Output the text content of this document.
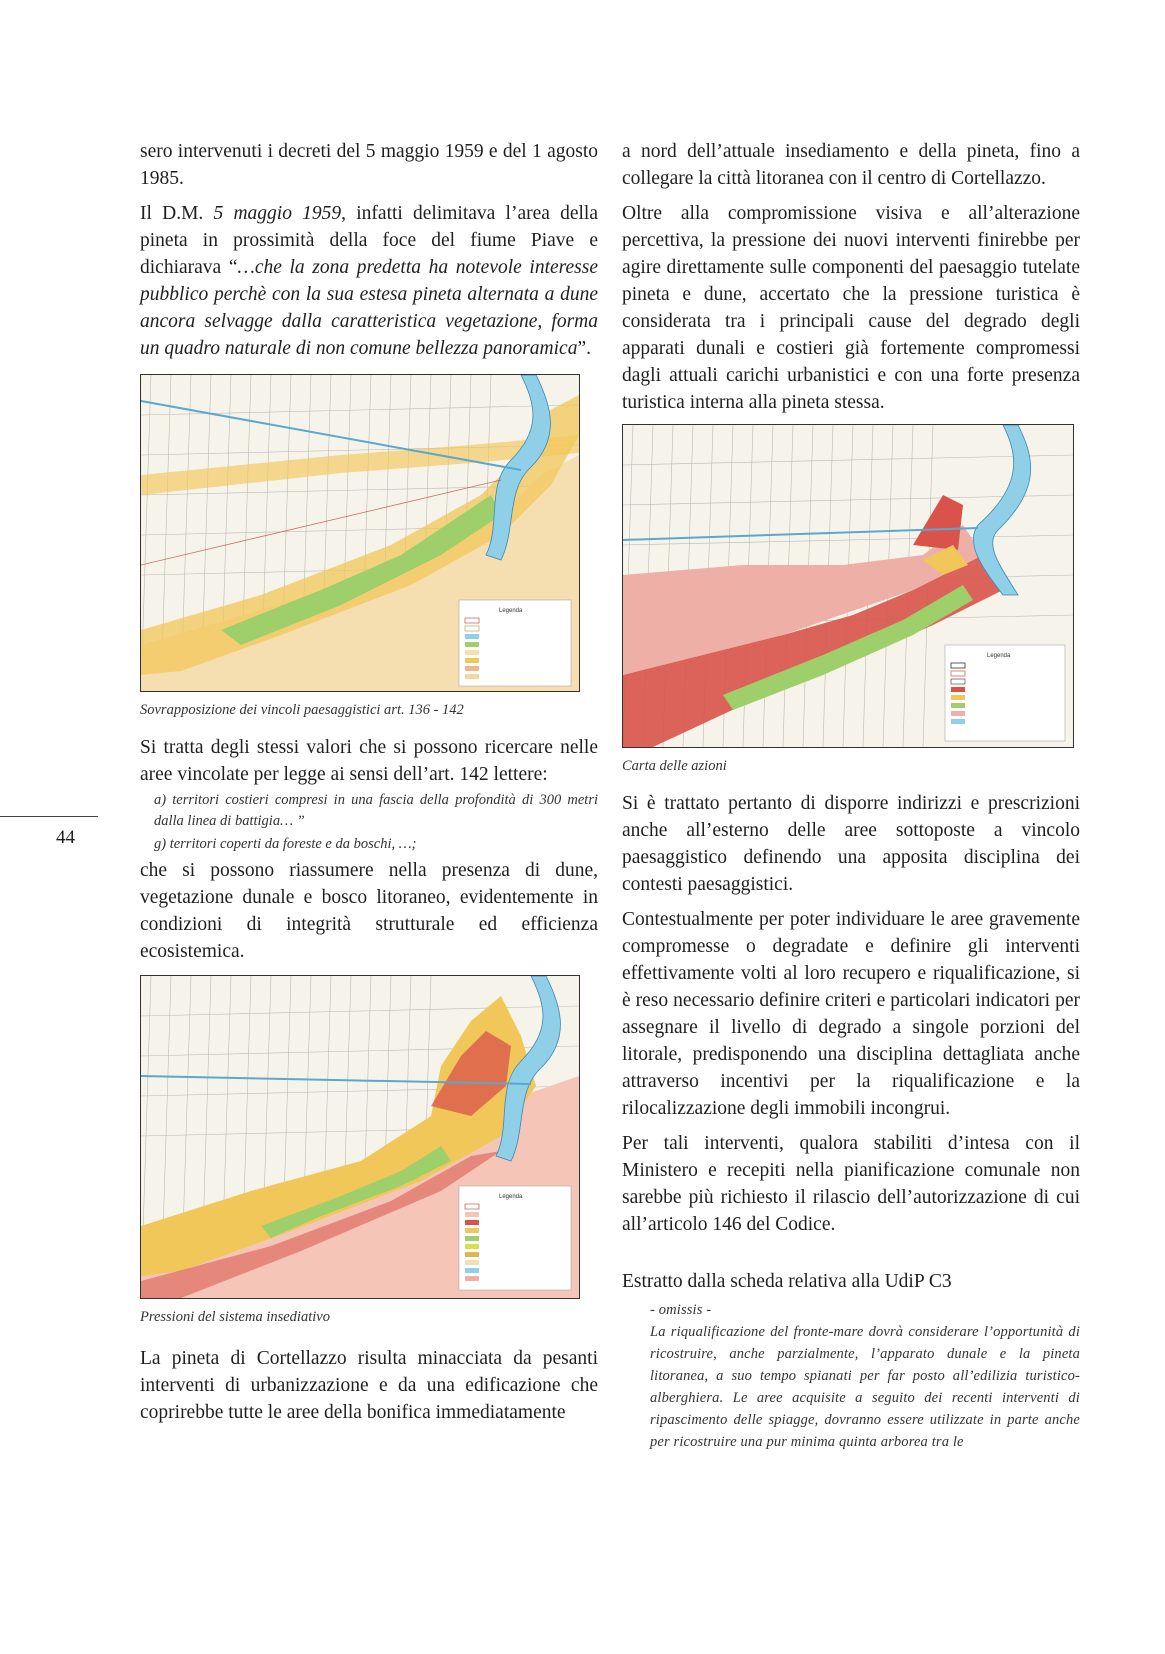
44

sero intervenuti i decreti del 5 maggio 1959 e del 1 agosto 1985.

Il D.M. 5 maggio 1959, infatti delimitava l’area della pineta in prossimità della foce del fiume Piave e dichiarava “…che la zona predetta ha notevole interesse pubblico perchè con la sua estesa pineta alternata a dune ancora selvagge dalla caratteristica vegetazione, forma un quadro naturale di non comune bellezza panoramica”.

Legenda
Sovrapposizione dei vincoli paesaggistici art. 136 - 142

Si tratta degli stessi valori che si possono ricercare nelle aree vincolate per legge ai sensi dell’art. 142 lettere:

a) territori costieri compresi in una fascia della profondità di 300 metri dalla linea di battigia… ”
g) territori coperti da foreste e da boschi, …;

che si possono riassumere nella presenza di dune, vegetazione dunale e bosco litoraneo, evidentemente in condizioni di integrità strutturale ed efficienza ecosistemica.

Legenda
Pressioni del sistema insediativo

La pineta di Cortellazzo risulta minacciata da pesanti interventi di urbanizzazione e da una edificazione che coprirebbe tutte le aree della bonifica immediatamente

a nord dell’attuale insediamento e della pineta, fino a collegare la città litoranea con il centro di Cortellazzo.

Oltre alla compromissione visiva e all’alterazione percettiva, la pressione dei nuovi interventi finirebbe per agire direttamente sulle componenti del paesaggio tutelate pineta e dune, accertato che la pressione turistica è considerata tra i principali cause del degrado degli apparati dunali e costieri già fortemente compromessi dagli attuali carichi urbanistici e con una forte presenza turistica interna alla pineta stessa.

Legenda
Carta delle azioni

Si è trattato pertanto di disporre indirizzi e prescrizioni anche all’esterno delle aree sottoposte a vincolo paesaggistico definendo una apposita disciplina dei contesti paesaggistici.

Contestualmente per poter individuare le aree gravemente compromesse o degradate e definire gli interventi effettivamente volti al loro recupero e riqualificazione, si è reso necessario definire criteri e particolari indicatori per assegnare il livello di degrado a singole porzioni del litorale, predisponendo una disciplina dettagliata anche attraverso incentivi per la riqualificazione e la rilocalizzazione degli immobili incongrui.

Per tali interventi, qualora stabiliti d’intesa con il Ministero e recepiti nella pianificazione comunale non sarebbe più richiesto il rilascio dell’autorizzazione di cui all’articolo 146 del Codice.

Estratto dalla scheda relativa alla UdiP C3
- omissis -
La riqualificazione del fronte-mare dovrà considerare l’opportunità di ricostruire, anche parzialmente, l’apparato dunale e la pineta litoranea, a suo tempo spianati per far posto all’edilizia turistico-alberghiera. Le aree acquisite a seguito dei recenti interventi di ripascimento delle spiagge, dovranno essere utilizzate in parte anche per ricostruire una pur minima quinta arborea tra le
